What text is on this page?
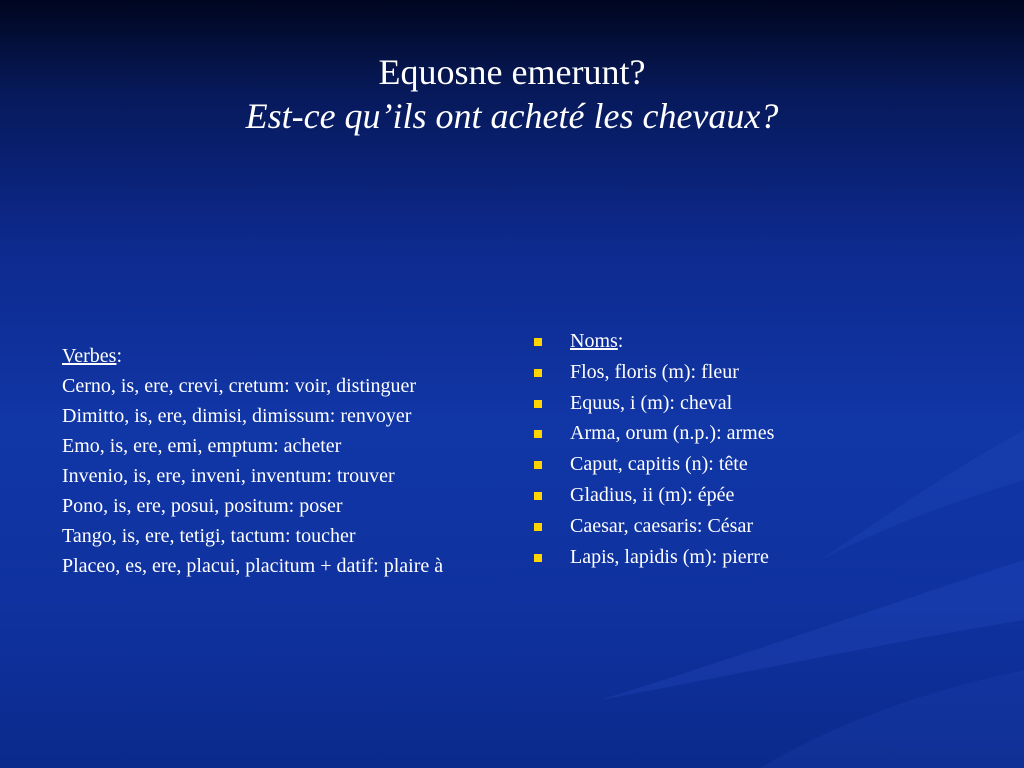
Equosne emerunt?
Est-ce qu’ils ont acheté les chevaux?
Verbes:
Cerno, is, ere, crevi, cretum: voir, distinguer
Dimitto, is, ere, dimisi, dimissum: renvoyer
Emo, is, ere, emi, emptum: acheter
Invenio, is, ere, inveni, inventum: trouver
Pono, is, ere, posui, positum: poser
Tango, is, ere, tetigi, tactum: toucher
Placeo, es, ere, placui, placitum + datif: plaire à
Noms:
Flos, floris (m): fleur
Equus, i (m): cheval
Arma, orum (n.p.): armes
Caput, capitis (n): tête
Gladius, ii (m): épée
Caesar, caesaris: César
Lapis, lapidis (m): pierre
